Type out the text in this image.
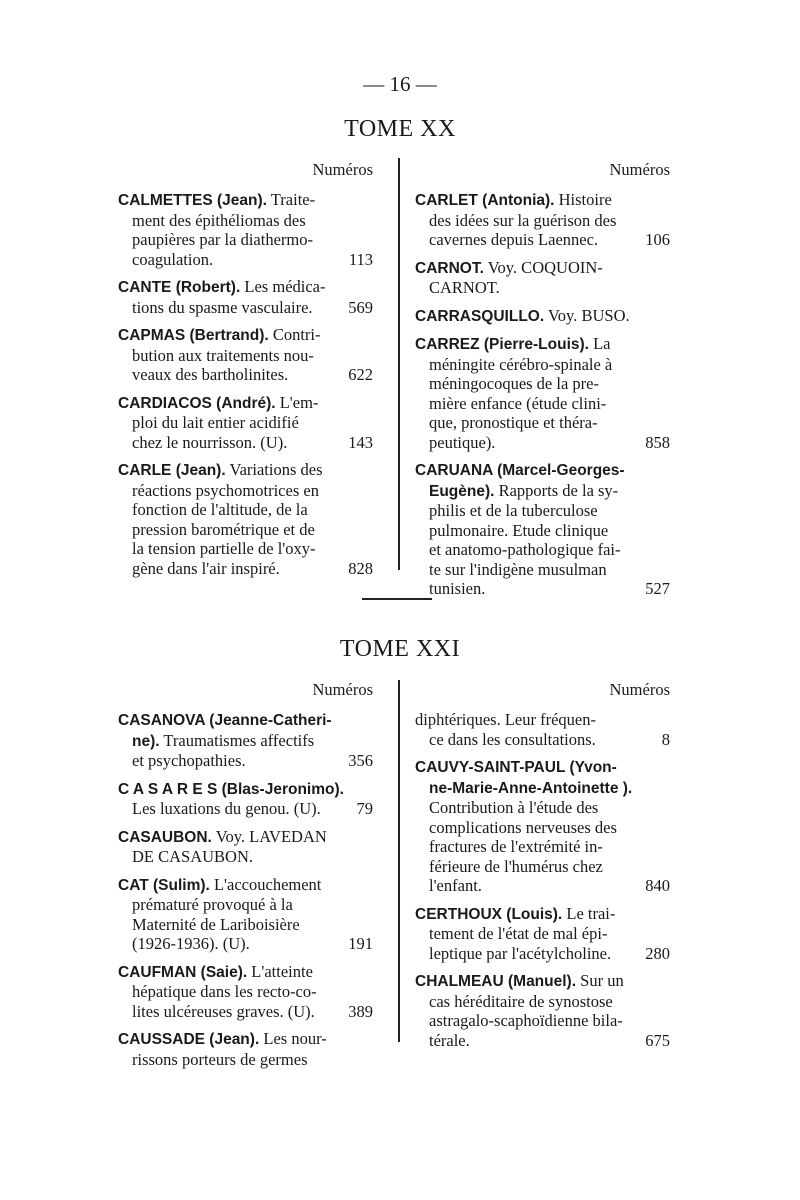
— 16 —
TOME XX
Numéros
CALMETTES (Jean). Traite-
ment des épithéliomas des
paupières par la diathermo-
coagulation.	113
CANTE (Robert). Les médica-
tions du spasme vasculaire.	569
CAPMAS (Bertrand). Contri-
bution aux traitements nou-
veaux des bartholinites.	622
CARDIACOS (André). L'em-
ploi du lait entier acidifié
chez le nourrisson. (U).	143
CARLE (Jean). Variations des
réactions psychomotrices en
fonction de l'altitude, de la
pression barométrique et de
la tension partielle de l'oxy-
gène dans l'air inspiré.	828
Numéros
CARLET (Antonia). Histoire
des idées sur la guérison des
cavernes depuis Laennec.	106
CARNOT. Voy. COQUOIN-
CARNOT.
CARRASQUILLO. Voy. BUSO.
CARREZ (Pierre-Louis). La
méningite cérébro-spinale à
méningocoques de la pre-
mière enfance (étude clini-
que, pronostique et théra-
peutique).	858
CARUANA (Marcel-Georges-
Eugène). Rapports de la sy-
philis et de la tuberculose
pulmonaire. Etude clinique
et anatomo-pathologique fai-
te sur l'indigène musulman
tunisien.	527
TOME XXI
Numéros
CASANOVA (Jeanne-Catheri-
ne). Traumatismes affectifs
et psychopathies.	356
C A S A R E S (Blas-Jeronimo).
Les luxations du genou. (U).	79
CASAUBON. Voy. LAVEDAN
DE CASAUBON.
CAT (Sulim). L'accouchement
prématuré provoqué à la
Maternité de Lariboisière
(1926-1936). (U).	191
CAUFMAN (Saie). L'atteinte
hépatique dans les recto-co-
lites ulcéreuses graves. (U).	389
CAUSSADE (Jean). Les nour-
rissons porteurs de germes
Numéros
diphtériques. Leur fréquen-
ce dans les consultations.	8
CAUVY-SAINT-PAUL (Yvon-
ne-Marie-Anne-Antoinette ).
Contribution à l'étude des
complications nerveuses des
fractures de l'extrémité in-
férieure de l'humérus chez
l'enfant.	840
CERTHOUX (Louis). Le trai-
tement de l'état de mal épi-
leptique par l'acétylcholine.	280
CHALMEAU (Manuel). Sur un
cas héréditaire de synostose
astragalo-scaphoïdienne bila-
térale.	675
